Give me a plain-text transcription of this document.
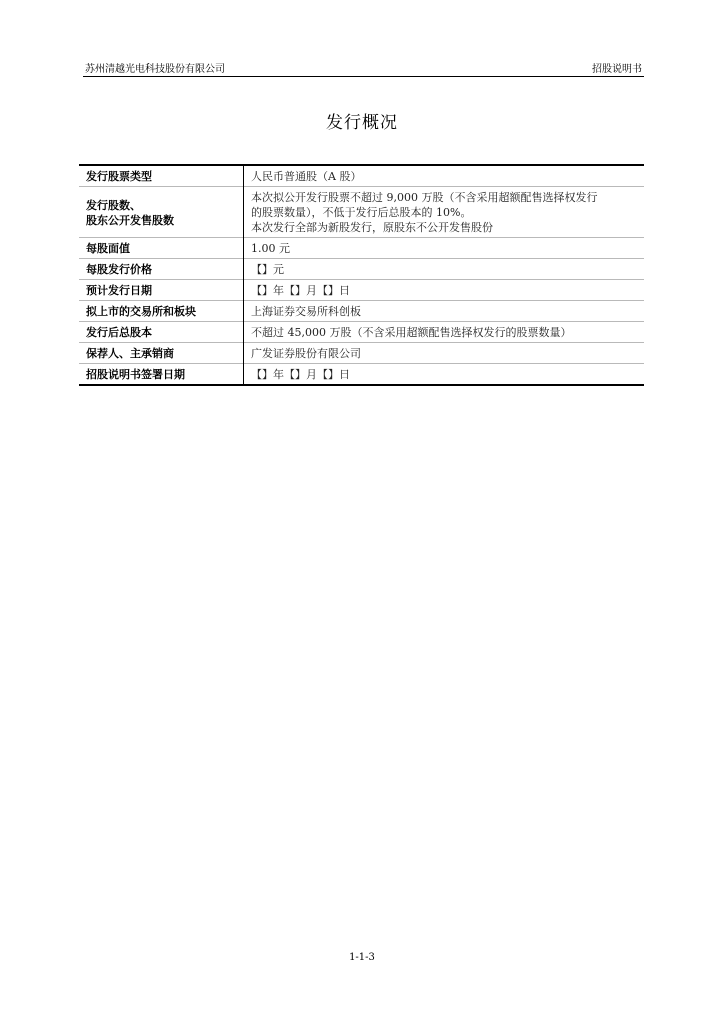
苏州清越光电科技股份有限公司	招股说明书
发行概况
发行股票类型	人民币普通股（A 股）

发行股数、
股东公开发售股数	本次拟公开发行股票不超过 9,000 万股（不含采用超额配售选择权发行
的股票数量），不低于发行后总股本的 10%。
本次发行全部为新股发行，原股东不公开发售股份

每股面值	1.00 元
每股发行价格	【】元
预计发行日期	【】年【】月【】日
拟上市的交易所和板块	上海证券交易所科创板
发行后总股本	不超过 45,000 万股（不含采用超额配售选择权发行的股票数量）
保荐人、主承销商	广发证券股份有限公司
招股说明书签署日期	【】年【】月【】日
1-1-3
